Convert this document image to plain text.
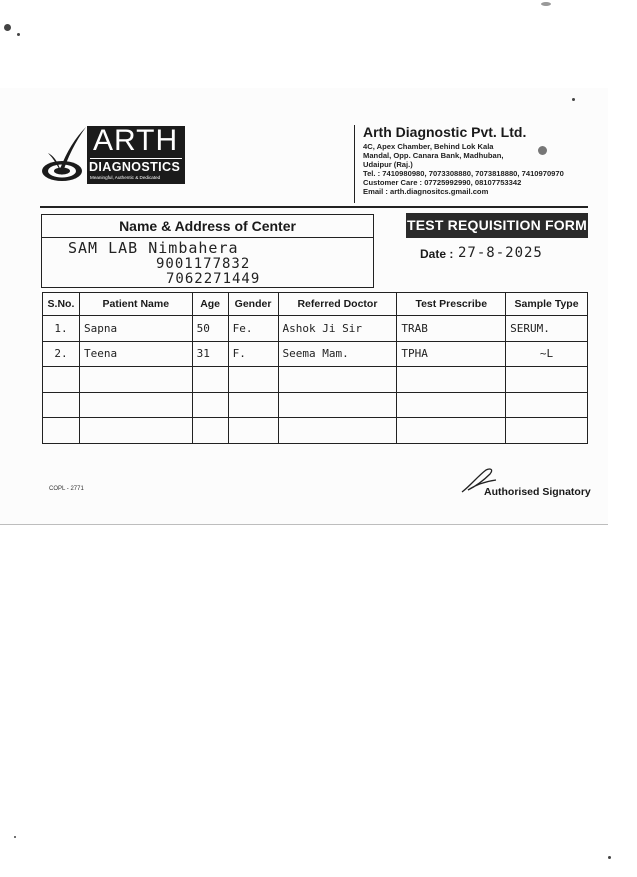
ARTH
DIAGNOSTICS
Meaningful, Authentic & Dedicated
Arth Diagnostic Pvt. Ltd.
4C, Apex Chamber, Behind Lok Kala
Mandal, Opp. Canara Bank, Madhuban,
Udaipur (Raj.)
Tel. : 7410980980, 7073308880, 7073818880, 7410970970
Customer Care : 07725992990, 08107753342
Email : arth.diagnositcs.gmail.com
Name & Address of Center
SAM LAB Nimbahera
9001177832
7062271449
TEST REQUISITION FORM
Date : 27-8-2025
S.No.	Patient Name	Age	Gender	Referred Doctor	Test Prescribe	Sample Type
1.	Sapna	50	Fe.	Ashok Ji Sir	TRAB	SERUM.
2.	Teena	31	F.	Seema Mam.	TPHA	~L

COPL - 2771	Authorised Signatory
